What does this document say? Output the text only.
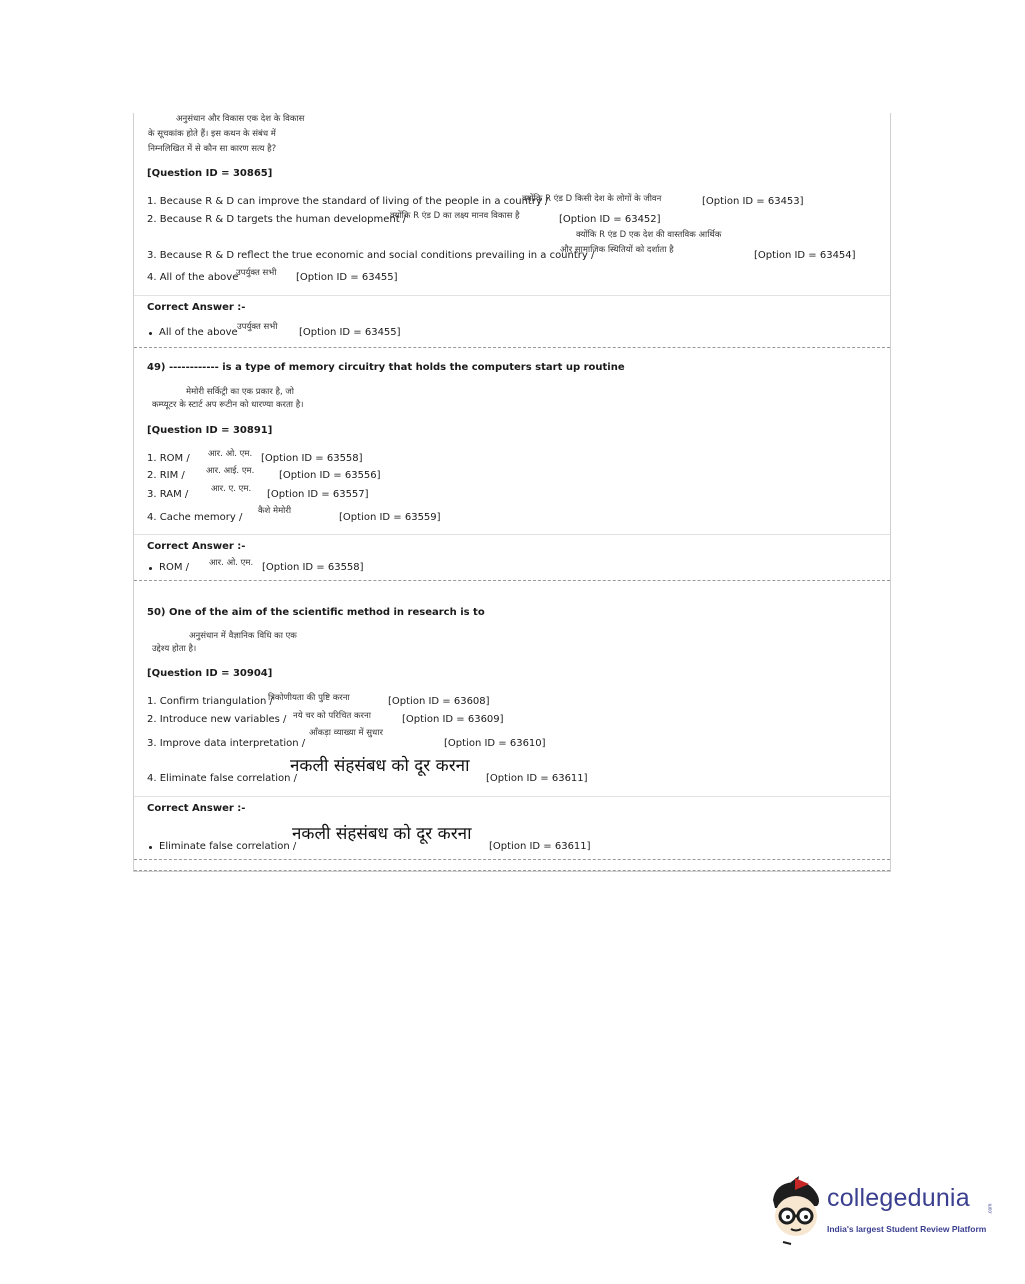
अनुसंधान और विकास एक देश के विकास
के सूचकांक होते हैं। इस कथन के संबंध में
निम्नलिखित में से कौन सा कारण सत्य है?
[Question ID = 30865]
1. Because R & D can improve the standard of living of the people in a country /
क्योंकि R एंड D किसी देश के लोगों के जीवन	[Option ID = 63453]
2. Because R & D targets the human development /
क्योंकि R एंड D का लक्ष्य मानव विकास है	[Option ID = 63452]
क्योंकि R एंड D एक देश की वास्तविक आर्थिक
3. Because R & D reflect the true economic and social conditions prevailing in a country /
और सामाजिक स्थितियों को दर्शाता है	[Option ID = 63454]
4. All of the above
उपर्युक्त सभी [Option ID = 63455]
Correct Answer :-
All of the above उपर्युक्त सभी [Option ID = 63455]
49) ------------ is a type of memory circuitry that holds the computers start up routine
मेमोरी सर्किट्री का एक प्रकार है, जो
कम्प्यूटर के स्टार्ट अप रूटीन को धारण्या करता है।
[Question ID = 30891]
1. ROM / आर. ओ. एम. [Option ID = 63558]
2. RIM / आर. आई. एम. [Option ID = 63556]
3. RAM /	आर. ए. एम. [Option ID = 63557]
4. Cache memory /
कैशे मेमोरी
[Option ID = 63559]
Correct Answer :-
ROM / आर. ओ. एम. [Option ID = 63558]
50) One of the aim of the scientific method in research is to
अनुसंधान में वैज्ञानिक विधि का एक
उद्देश्य होता है।
[Question ID = 30904]
1. Confirm triangulation /
त्रिकोणीयता की पुष्टि करना	[Option ID = 63608]
2. Introduce new variables / नये चर को परिचित करना	[Option ID = 63609]
आँकड़ा व्याख्या में सुधार
3. Improve data interpretation /	[Option ID = 63610]
4. Eliminate false correlation /
नकली संहसंबध को दूर करना
[Option ID = 63611]
Correct Answer :-
Eliminate false correlation /
नकली संहसंबध को दूर करना
[Option ID = 63611]
collegedunia	.com
India's largest Student Review Platform
